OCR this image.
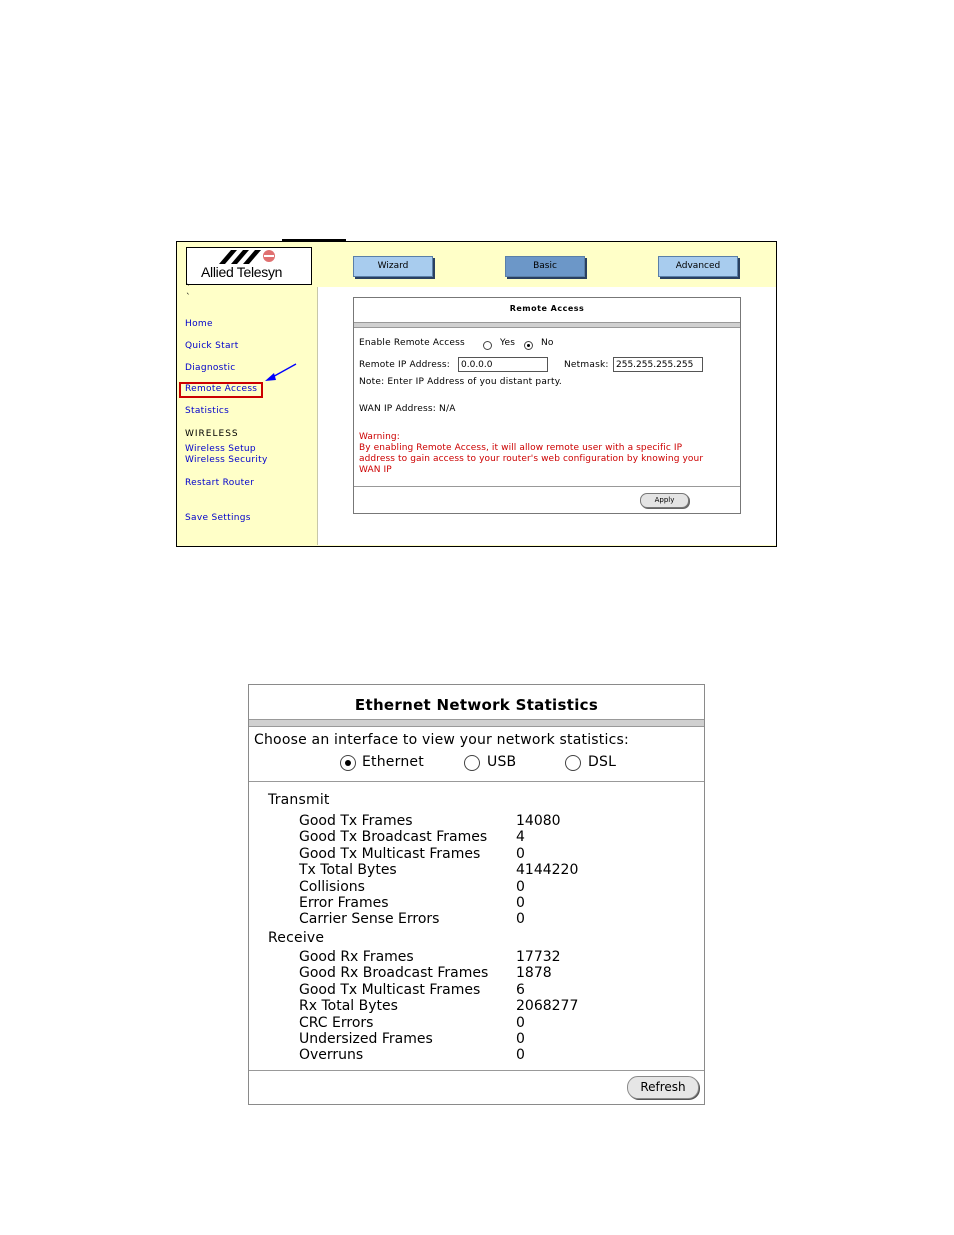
Allied Telesyn
`
`
Home
Quick Start
Diagnostic
Remote Access
Statistics
WIRELESS
Wireless Setup
Wireless Security
Restart Router
Save Settings
Wizard	Basic	Advanced
Remote Access
Enable Remote Access	Yes	No
Remote IP Address:	0.0.0.0	Netmask: 255.255.255.255
Note: Enter IP Address of you distant party.
WAN IP Address: N/A
Warning:
By enabling Remote Access, it will allow remote user with a specific IP
address to gain access to your router's web configuration by knowing your
WAN IP
Apply
Ethernet Network Statistics
Choose an interface to view your network statistics:
Ethernet	USB	DSL
Transmit
Good Tx Frames	14080
Good Tx Broadcast Frames 4
Good Tx Multicast Frames	0
Tx Total Bytes	4144220
Collisions	0
Error Frames	0
Carrier Sense Errors	0
Receive
Good Rx Frames	17732
Good Rx Broadcast Frames 1878
Good Tx Multicast Frames	6
Rx Total Bytes	2068277
CRC Errors	0
Undersized Frames	0
Overruns	0
Refresh
